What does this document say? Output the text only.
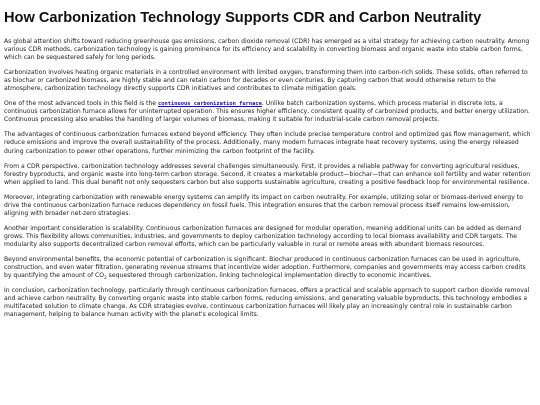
How Carbonization Technology Supports CDR and Carbon Neutrality

As global attention shifts toward reducing greenhouse gas emissions, carbon dioxide removal (CDR) has emerged as a vital strategy for achieving carbon neutrality. Among various CDR methods, carbonization technology is gaining prominence for its efficiency and scalability in converting biomass and organic waste into stable carbon forms, which can be sequestered safely for long periods.

Carbonization involves heating organic materials in a controlled environment with limited oxygen, transforming them into carbon-rich solids. These solids, often referred to as biochar or carbonized biomass, are highly stable and can retain carbon for decades or even centuries. By capturing carbon that would otherwise return to the atmosphere, carbonization technology directly supports CDR initiatives and contributes to climate mitigation goals.

One of the most advanced tools in this field is the continuous carbonization furnace. Unlike batch carbonization systems, which process material in discrete lots, a continuous carbonization furnace allows for uninterrupted operation. This ensures higher efficiency, consistent quality of carbonized products, and better energy utilization. Continuous processing also enables the handling of larger volumes of biomass, making it suitable for industrial-scale carbon removal projects.

The advantages of continuous carbonization furnaces extend beyond efficiency. They often include precise temperature control and optimized gas flow management, which reduce emissions and improve the overall sustainability of the process. Additionally, many modern furnaces integrate heat recovery systems, using the energy released during carbonization to power other operations, further minimizing the carbon footprint of the facility.

From a CDR perspective, carbonization technology addresses several challenges simultaneously. First, it provides a reliable pathway for converting agricultural residues, forestry byproducts, and organic waste into long-term carbon storage. Second, it creates a marketable product—biochar—that can enhance soil fertility and water retention when applied to land. This dual benefit not only sequesters carbon but also supports sustainable agriculture, creating a positive feedback loop for environmental resilience.

Moreover, integrating carbonization with renewable energy systems can amplify its impact on carbon neutrality. For example, utilizing solar or biomass-derived energy to drive the continuous carbonization furnace reduces dependency on fossil fuels. This integration ensures that the carbon removal process itself remains low-emission, aligning with broader net-zero strategies.

Another important consideration is scalability. Continuous carbonization furnaces are designed for modular operation, meaning additional units can be added as demand grows. This flexibility allows communities, industries, and governments to deploy carbonization technology according to local biomass availability and CDR targets. The modularity also supports decentralized carbon removal efforts, which can be particularly valuable in rural or remote areas with abundant biomass resources.

Beyond environmental benefits, the economic potential of carbonization is significant. Biochar produced in continuous carbonization furnaces can be used in agriculture, construction, and even water filtration, generating revenue streams that incentivize wider adoption. Furthermore, companies and governments may access carbon credits by quantifying the amount of $CO_2$ sequestered through carbonization, linking technological implementation directly to economic incentives.

In conclusion, carbonization technology, particularly through continuous carbonization furnaces, offers a practical and scalable approach to support carbon dioxide removal and achieve carbon neutrality. By converting organic waste into stable carbon forms, reducing emissions, and generating valuable byproducts, this technology embodies a multifaceted solution to climate change. As CDR strategies evolve, continuous carbonization furnaces will likely play an increasingly central role in sustainable carbon management, helping to balance human activity with the planet's ecological limits.
